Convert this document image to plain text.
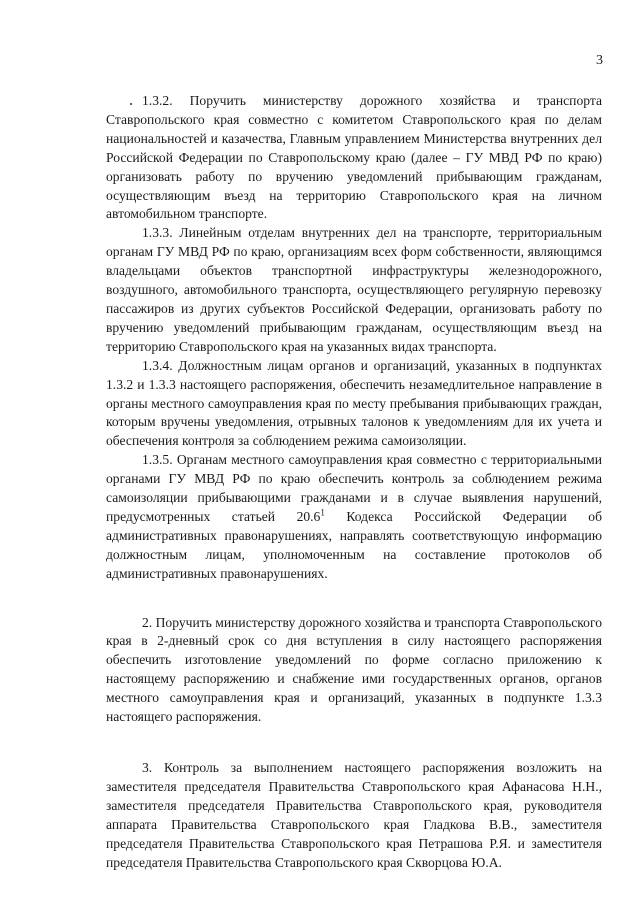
3

1.3.2. Поручить министерству дорожного хозяйства и транспорта Ставропольского края совместно с комитетом Ставропольского края по делам национальностей и казачества, Главным управлением Министерства внутренних дел Российской Федерации по Ставропольскому краю (далее – ГУ МВД РФ по краю) организовать работу по вручению уведомлений прибывающим гражданам, осуществляющим въезд на территорию Ставропольского края на личном автомобильном транспорте.

1.3.3. Линейным отделам внутренних дел на транспорте, территориальным органам ГУ МВД РФ по краю, организациям всех форм собственности, являющимся владельцами объектов транспортной инфраструктуры железнодорожного, воздушного, автомобильного транспорта, осуществляющего регулярную перевозку пассажиров из других субъектов Российской Федерации, организовать работу по вручению уведомлений прибывающим гражданам, осуществляющим въезд на территорию Ставропольского края на указанных видах транспорта.

1.3.4. Должностным лицам органов и организаций, указанных в подпунктах 1.3.2 и 1.3.3 настоящего распоряжения, обеспечить незамедлительное направление в органы местного самоуправления края по месту пребывания прибывающих граждан, которым вручены уведомления, отрывных талонов к уведомлениям для их учета и обеспечения контроля за соблюдением режима самоизоляции.

1.3.5. Органам местного самоуправления края совместно с территориальными органами ГУ МВД РФ по краю обеспечить контроль за соблюдением режима самоизоляции прибывающими гражданами и в случае выявления нарушений, предусмотренных статьей 20.6$^1$ Кодекса Российской Федерации об административных правонарушениях, направлять соответствующую информацию должностным лицам, уполномоченным на составление протоколов об административных правонарушениях.

2. Поручить министерству дорожного хозяйства и транспорта Ставропольского края в 2-дневный срок со дня вступления в силу настоящего распоряжения обеспечить изготовление уведомлений по форме согласно приложению к настоящему распоряжению и снабжение ими государственных органов, органов местного самоуправления края и организаций, указанных в подпункте 1.3.3 настоящего распоряжения.

3. Контроль за выполнением настоящего распоряжения возложить на заместителя председателя Правительства Ставропольского края Афанасова Н.Н., заместителя председателя Правительства Ставропольского края, руководителя аппарата Правительства Ставропольского края Гладкова В.В., заместителя председателя Правительства Ставропольского края Петрашова Р.Я. и заместителя председателя Правительства Ставропольского края Скворцова Ю.А.
